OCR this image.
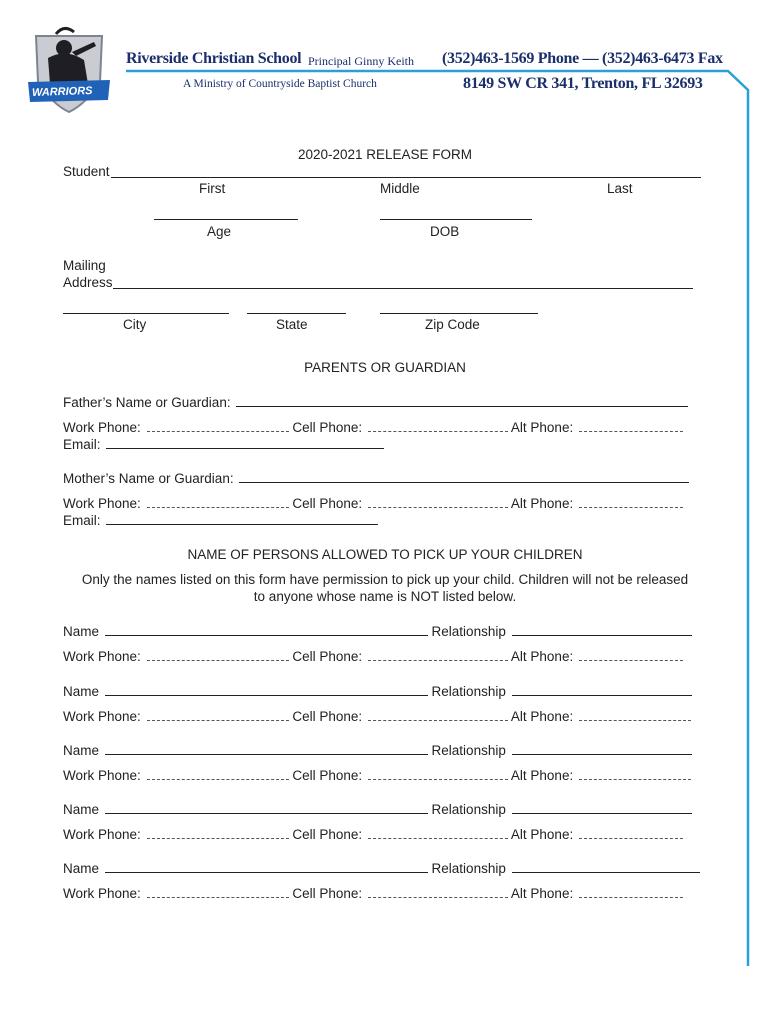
WARRIORS
Riverside Christian School Principal Ginny Keith (352)463-1569 Phone — (352)463-6473 Fax
A Ministry of Countryside Baptist Church	8149 SW CR 341, Trenton, FL 32693
2020-2021 RELEASE FORM
Student
First	Middle	Last
Age	DOB
Mailing
Address
City	State	Zip Code
PARENTS OR GUARDIAN
Father’s Name or Guardian:
Work Phone:	Cell Phone:	Alt Phone:
Email:
Mother’s Name or Guardian:
Work Phone:	Cell Phone:	Alt Phone:
Email:
NAME OF PERSONS ALLOWED TO PICK UP YOUR CHILDREN
Only the names listed on this form have permission to pick up your child. Children will not be released
to anyone whose name is NOT listed below.
Name	Relationship
Work Phone:	Cell Phone:	Alt Phone:
Name	Relationship
Work Phone:	Cell Phone:	Alt Phone:
Name	Relationship
Work Phone:	Cell Phone:	Alt Phone:
Name	Relationship
Work Phone:	Cell Phone:	Alt Phone:
Name	Relationship
Work Phone:	Cell Phone:	Alt Phone:
